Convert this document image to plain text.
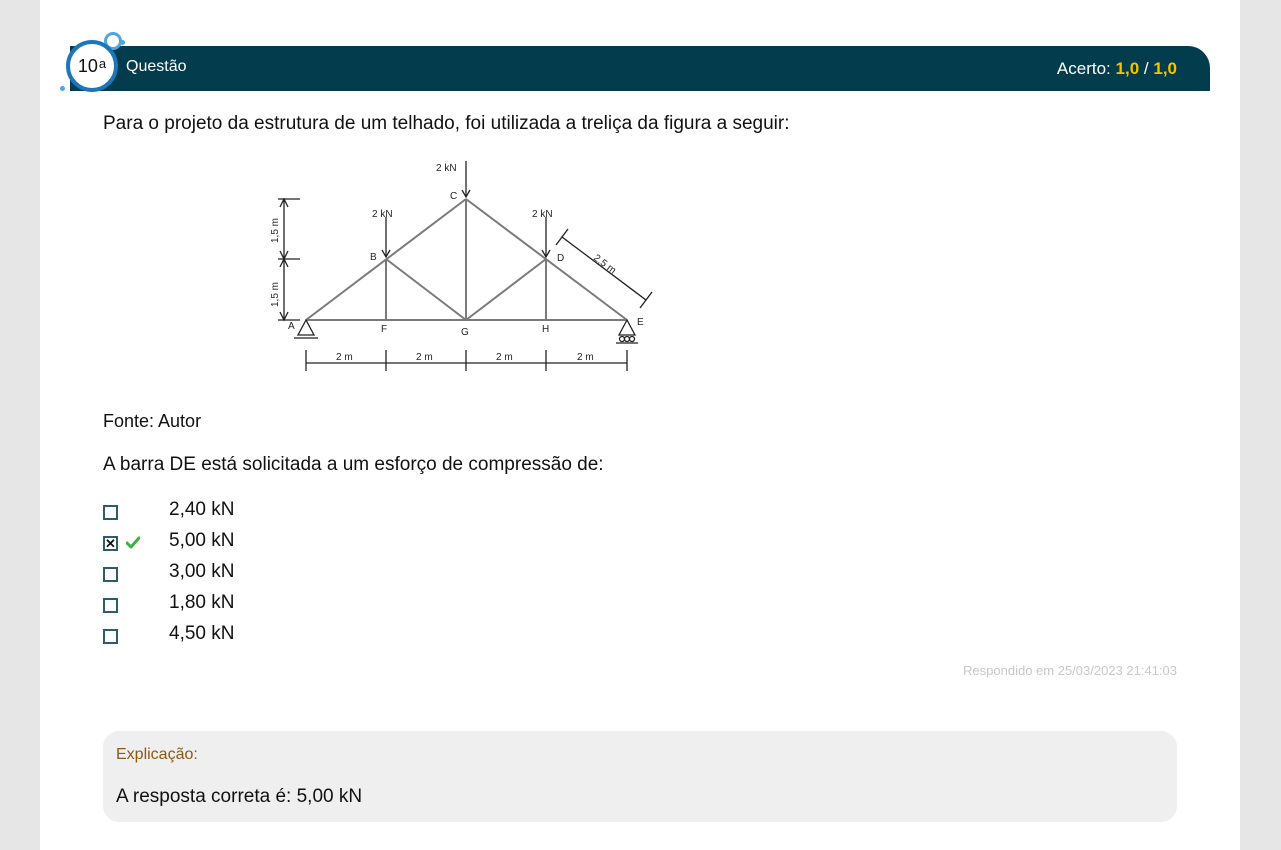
10$^a$ Questão	Acerto: 1,0 / 1,0
Para o projeto da estrutura de um telhado, foi utilizada a treliça da figura a seguir:
2 kN
2 kN	2 kN
C
B	D
A	F	G	H
E
1,5 m
1,5 m
2,5 m
2 m	2 m	2 m	2 m
Fonte: Autor
A barra DE está solicitada a um esforço de compressão de:
2,40 kN
✕	5,00 kN
3,00 kN
1,80 kN
4,50 kN
Respondido em 25/03/2023 21:41:03
Explicação:
A resposta correta é: 5,00 kN
